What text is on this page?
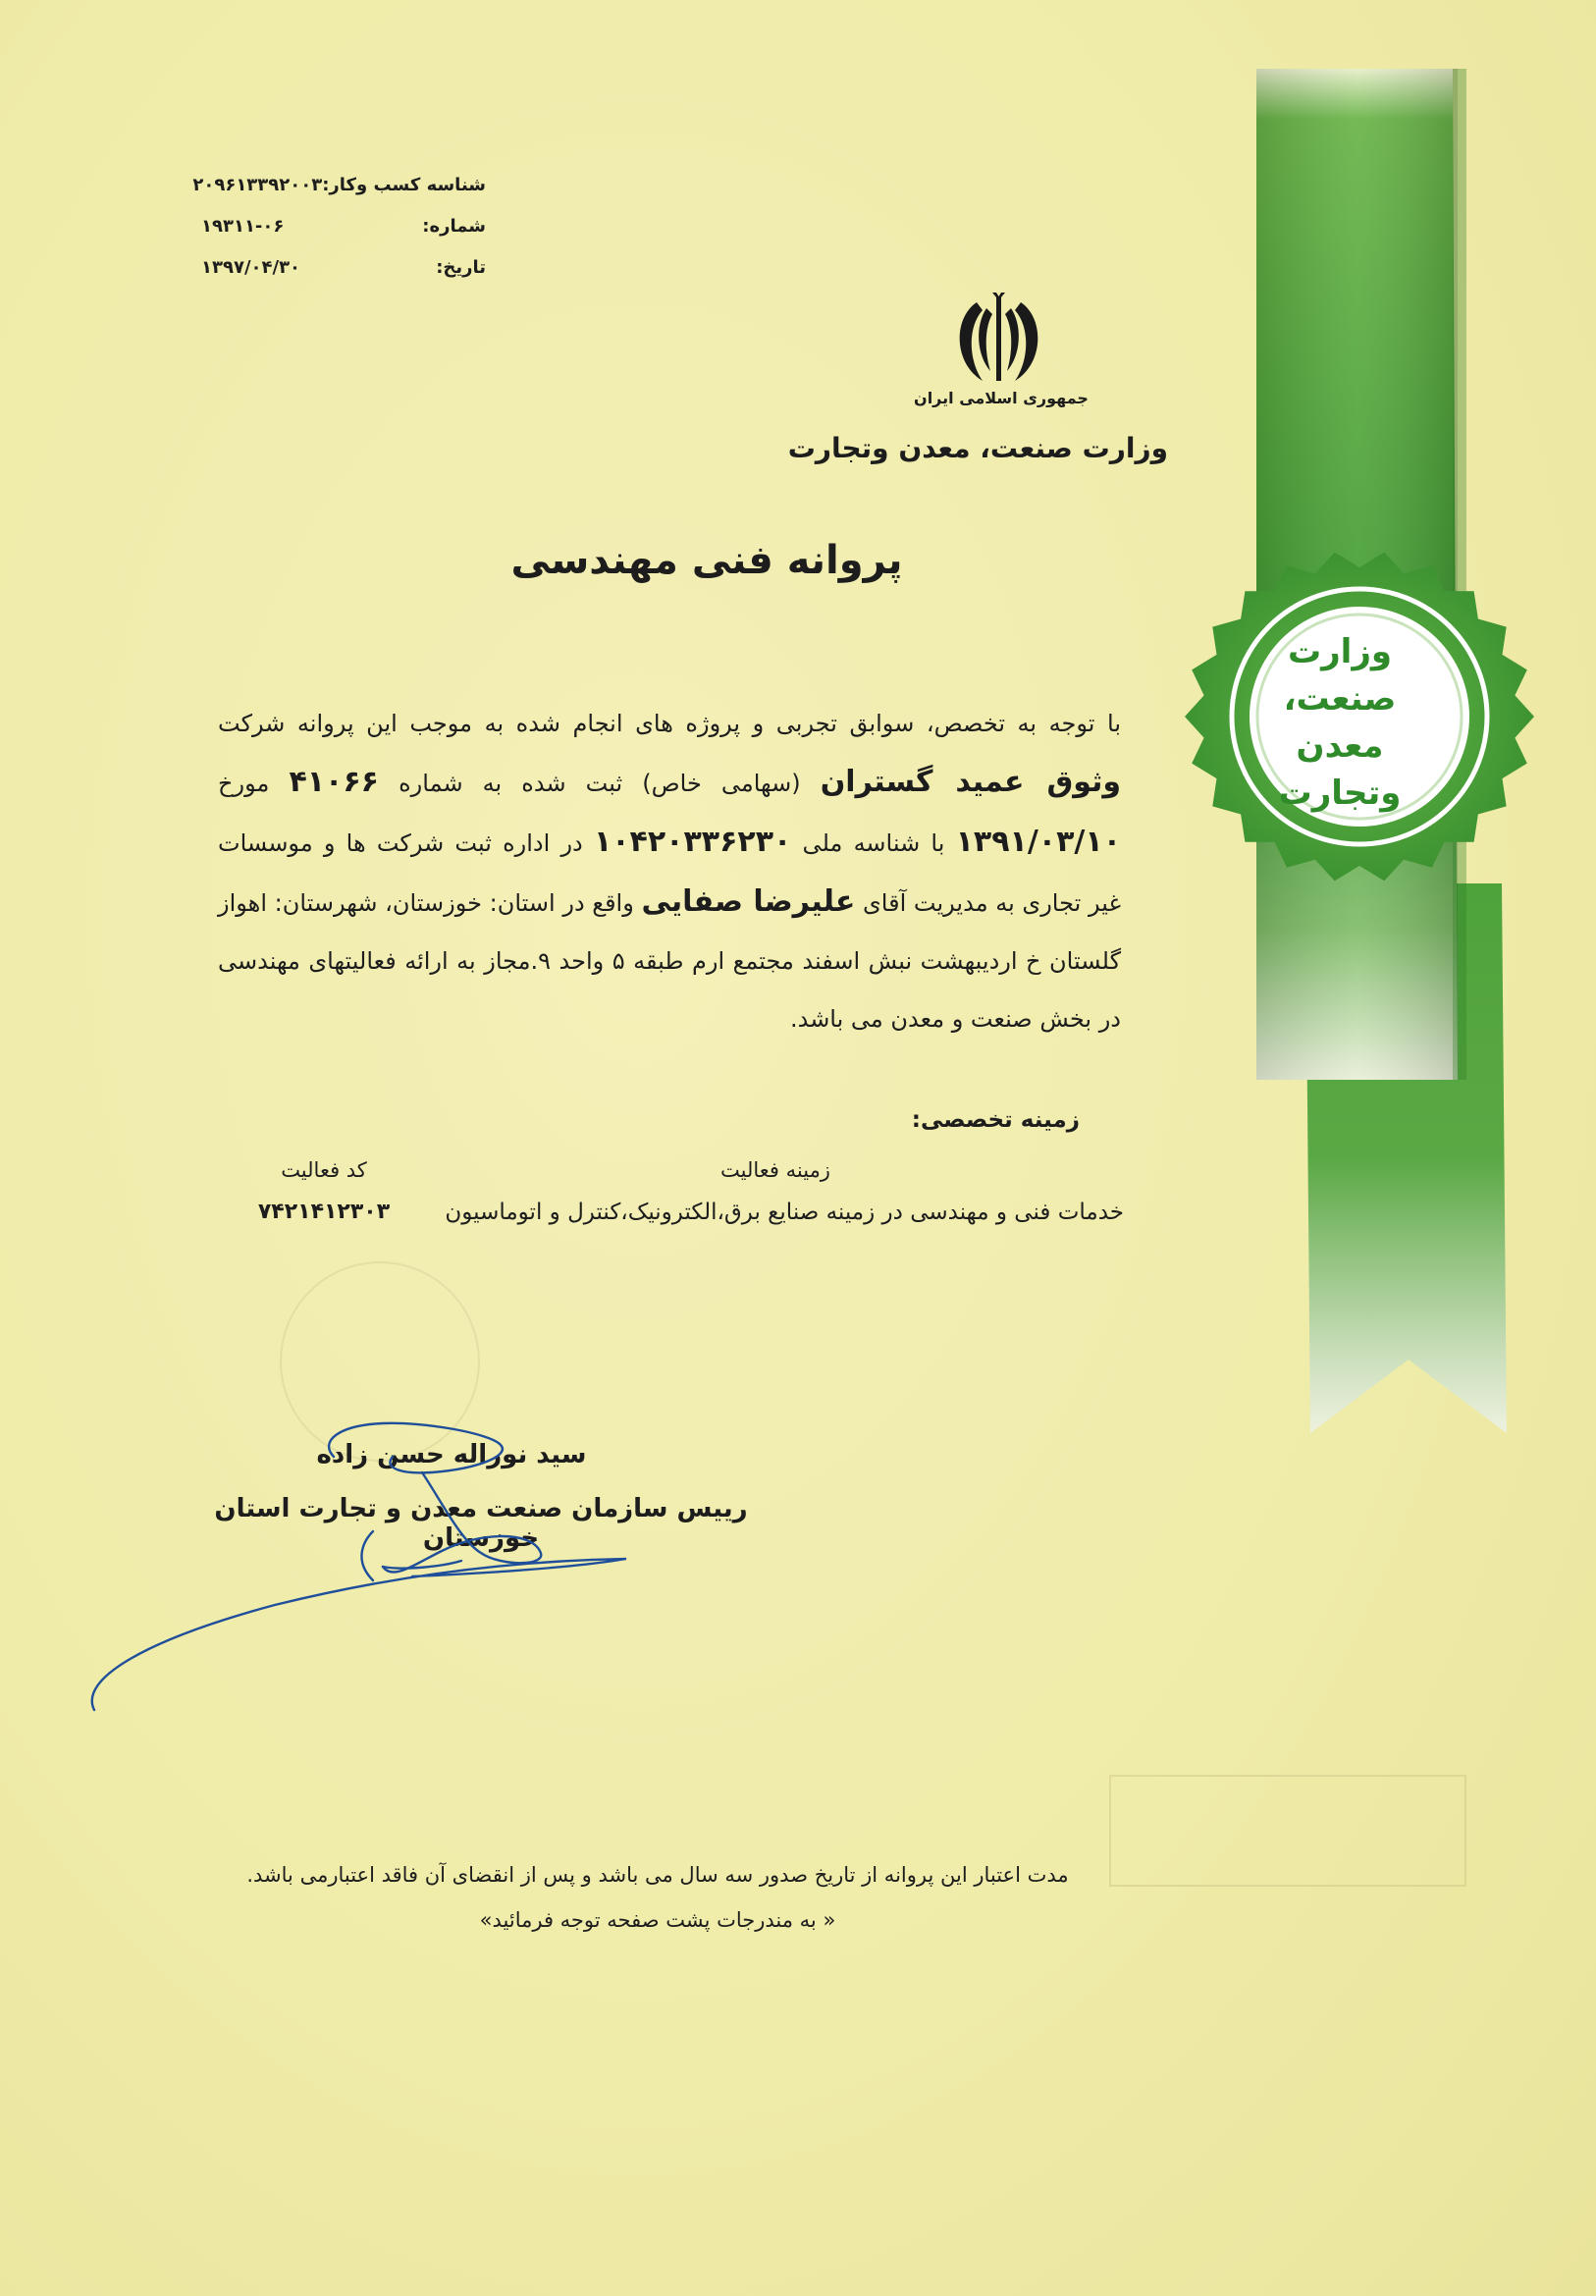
وزارت
صنعت، معدن
وتجارت
شناسه کسب وکار:
۲۰۹۶۱۳۳۹۲۰۰۳
شماره:
۱۹۳۱۱-۰۶
تاریخ:
۱۳۹۷/۰۴/۳۰
جمهوری اسلامی ایران
وزارت صنعت، معدن وتجارت
پروانه فنی مهندسی
با توجه به تخصص، سوابق تجربی و پروژه های انجام شده به موجب این پروانه شرکت وثوق عمید گستران (سهامی خاص) ثبت شده به شماره ۴۱۰۶۶ مورخ ۱۳۹۱/۰۳/۱۰ با شناسه ملی ۱۰۴۲۰۳۳۶۲۳۰ در اداره ثبت شرکت ها و موسسات غیر تجاری به مدیریت آقای علیرضا صفایی واقع در استان: خوزستان، شهرستان: اهواز گلستان خ اردیبهشت نبش اسفند مجتمع ارم طبقه ۵ واحد ۹.مجاز به ارائه فعالیتهای مهندسی در بخش صنعت و معدن می باشد.
زمینه تخصصی:
زمینه فعالیت
کد فعالیت
خدمات فنی و مهندسی در زمینه صنایع برق،الکترونیک،کنترل و اتوماسیون
۷۴۲۱۴۱۲۳۰۳
سید نوراله حسن زاده
رییس سازمان صنعت معدن و تجارت استان خوزستان
مدت اعتبار این پروانه از تاریخ صدور سه سال می باشد و پس از انقضای آن فاقد اعتبارمی باشد.
« به مندرجات پشت صفحه توجه فرمائید»
